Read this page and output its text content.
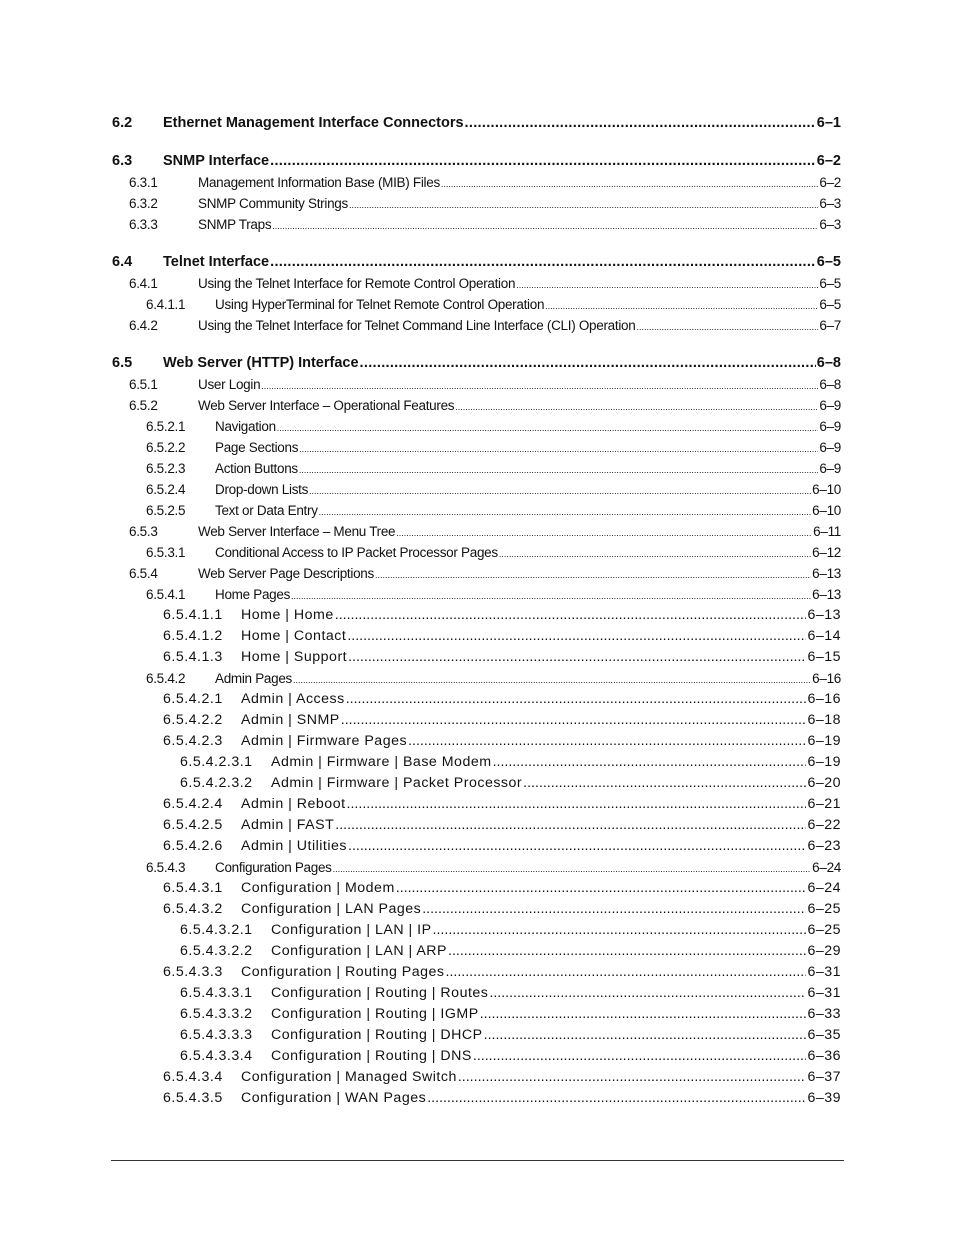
6.2	Ethernet Management Interface Connectors .....	6–1
6.3	SNMP Interface .....	6–2
6.3.1	Management Information Base (MIB) Files .....	6–2
6.3.2	SNMP Community Strings .....	6–3
6.3.3	SNMP Traps .....	6–3
6.4	Telnet Interface .....	6–5
6.4.1	Using the Telnet Interface for Remote Control Operation .....	6–5
6.4.1.1	Using HyperTerminal for Telnet Remote Control Operation .....	6–5
6.4.2	Using the Telnet Interface for Telnet Command Line Interface (CLI) Operation .....	6–7
6.5	Web Server (HTTP) Interface .....	6–8
6.5.1	User Login .....	6–8
6.5.2	Web Server Interface – Operational Features .....	6–9
6.5.2.1	Navigation .....	6–9
6.5.2.2	Page Sections .....	6–9
6.5.2.3	Action Buttons .....	6–9
6.5.2.4	Drop-down Lists .....	6–10
6.5.2.5	Text or Data Entry .....	6–10
6.5.3	Web Server Interface – Menu Tree .....	6–11
6.5.3.1	Conditional Access to IP Packet Processor Pages .....	6–12
6.5.4	Web Server Page Descriptions .....	6–13
6.5.4.1	Home Pages .....	6–13
6.5.4.1.1	Home | Home .....	6–13
6.5.4.1.2	Home | Contact .....	6–14
6.5.4.1.3	Home | Support .....	6–15
6.5.4.2	Admin Pages .....	6–16
6.5.4.2.1	Admin | Access .....	6–16
6.5.4.2.2	Admin | SNMP .....	6–18
6.5.4.2.3	Admin | Firmware Pages .....	6–19
6.5.4.2.3.1	Admin | Firmware | Base Modem .....	6–19
6.5.4.2.3.2	Admin | Firmware | Packet Processor .....	6–20
6.5.4.2.4	Admin | Reboot .....	6–21
6.5.4.2.5	Admin | FAST .....	6–22
6.5.4.2.6	Admin | Utilities .....	6–23
6.5.4.3	Configuration Pages .....	6–24
6.5.4.3.1	Configuration | Modem .....	6–24
6.5.4.3.2	Configuration | LAN Pages .....	6–25
6.5.4.3.2.1	Configuration | LAN | IP .....	6–25
6.5.4.3.2.2	Configuration | LAN | ARP .....	6–29
6.5.4.3.3	Configuration | Routing Pages .....	6–31
6.5.4.3.3.1	Configuration | Routing | Routes .....	6–31
6.5.4.3.3.2	Configuration | Routing | IGMP .....	6–33
6.5.4.3.3.3	Configuration | Routing | DHCP .....	6–35
6.5.4.3.3.4	Configuration | Routing | DNS .....	6–36
6.5.4.3.4	Configuration | Managed Switch .....	6–37
6.5.4.3.5	Configuration | WAN Pages .....	6–39
